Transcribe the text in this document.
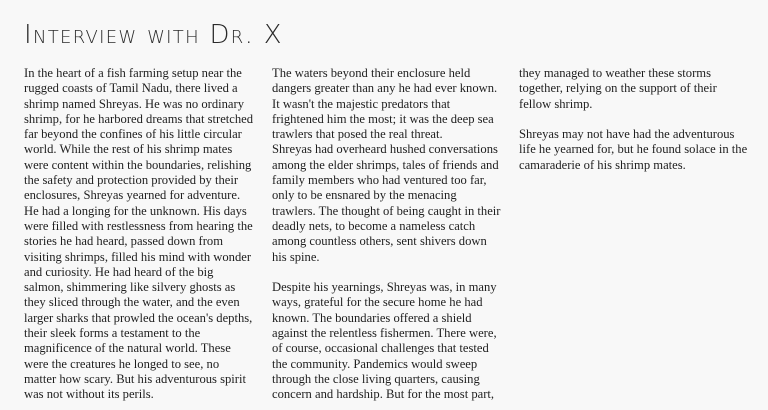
Interview with Dr. X

In the heart of a fish farming setup near the
rugged coasts of Tamil Nadu, there lived a
shrimp named Shreyas. He was no ordinary
shrimp, for he harbored dreams that stretched
far beyond the confines of his little circular
world. While the rest of his shrimp mates
were content within the boundaries, relishing
the safety and protection provided by their
enclosures, Shreyas yearned for adventure.
He had a longing for the unknown. His days
were filled with restlessness from hearing the
stories he had heard, passed down from
visiting shrimps, filled his mind with wonder
and curiosity. He had heard of the big
salmon, shimmering like silvery ghosts as
they sliced through the water, and the even
larger sharks that prowled the ocean's depths,
their sleek forms a testament to the
magnificence of the natural world. These
were the creatures he longed to see, no
matter how scary. But his adventurous spirit
was not without its perils.

The waters beyond their enclosure held
dangers greater than any he had ever known.
It wasn't the majestic predators that
frightened him the most; it was the deep sea
trawlers that posed the real threat.
Shreyas had overheard hushed conversations
among the elder shrimps, tales of friends and
family members who had ventured too far,
only to be ensnared by the menacing
trawlers. The thought of being caught in their
deadly nets, to become a nameless catch
among countless others, sent shivers down
his spine.

Despite his yearnings, Shreyas was, in many
ways, grateful for the secure home he had
known. The boundaries offered a shield
against the relentless fishermen. There were,
of course, occasional challenges that tested
the community. Pandemics would sweep
through the close living quarters, causing
concern and hardship. But for the most part,

they managed to weather these storms
together, relying on the support of their
fellow shrimp.

Shreyas may not have had the adventurous
life he yearned for, but he found solace in the
camaraderie of his shrimp mates.
